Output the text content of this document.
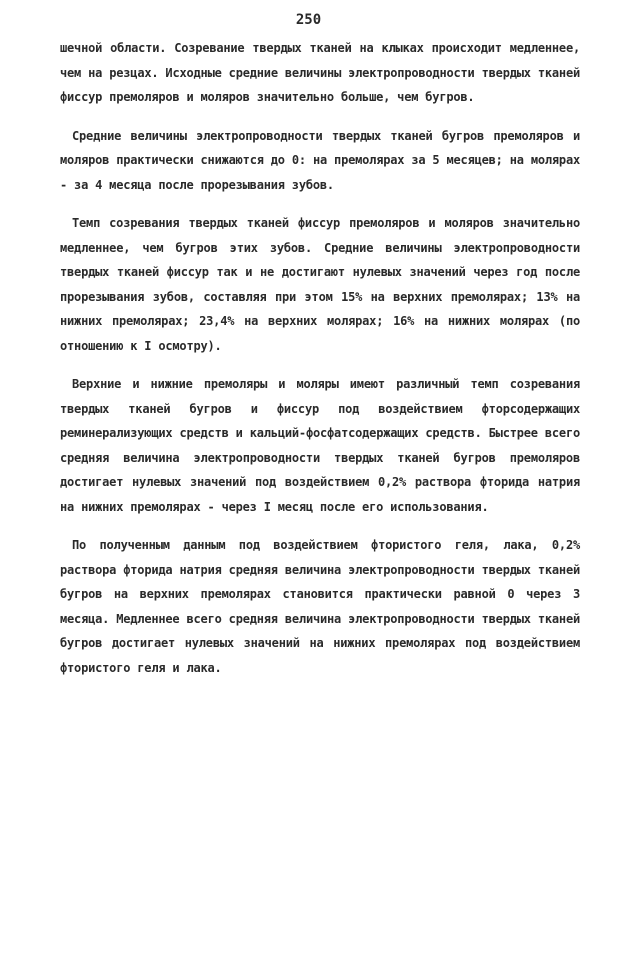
250

шечной области. Созревание твердых тканей на клыках происходит медленнее, чем на резцах. Исходные средние величины электропроводности твердых тканей фиссур премоляров и моляров значительно больше, чем бугров.

Средние величины электропроводности твердых тканей бугров премоляров и моляров практически снижаются до 0: на премолярах за 5 месяцев; на молярах - за 4 месяца после прорезывания зубов.

Темп созревания твердых тканей фиссур премоляров и моляров значительно медленнее, чем бугров этих зубов. Средние величины электропроводности твердых тканей фиссур так и не достигают нулевых значений через год после прорезывания зубов, составляя при этом 15% на верхних премолярах; 13% на нижних премолярах; 23,4% на верхних молярах; 16% на нижних молярах (по отношению к I осмотру).

Верхние и нижние премоляры и моляры имеют различный темп созревания твердых тканей бугров и фиссур под воздействием фторсодержащих реминерализующих средств и кальций-фосфатсодержащих средств. Быстрее всего средняя величина электропроводности твердых тканей бугров премоляров достигает нулевых значений под воздействием 0,2% раствора фторида натрия на нижних премолярах - через I месяц после его использования.

По полученным данным под воздействием фтористого геля, лака, 0,2% раствора фторида натрия средняя величина электропроводности твердых тканей бугров на верхних премолярах становится практически равной 0 через 3 месяца. Медленнее всего средняя величина электропроводности твердых тканей бугров достигает нулевых значений на нижних премолярах под воздействием фтористого геля и лака.
